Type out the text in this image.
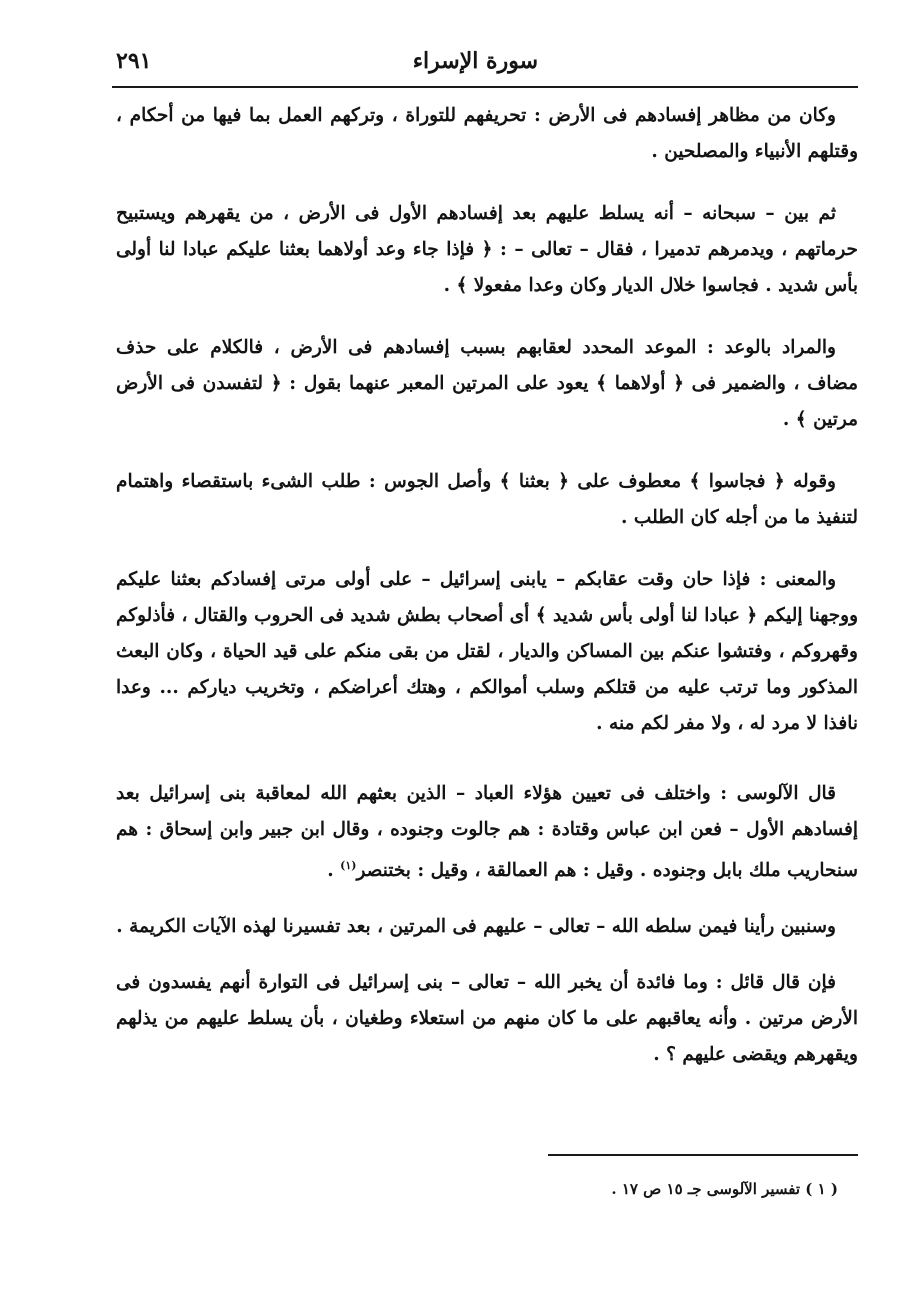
سورة الإسراء
٢٩١

وكان من مظاهر إفسادهم فى الأرض : تحريفهم للتوراة ، وتركهم العمل بما فيها من أحكام ، وقتلهم الأنبياء والمصلحين .

ثم بين – سبحانه – أنه يسلط عليهم بعد إفسادهم الأول فى الأرض ، من يقهرهم ويستبيح حرماتهم ، ويدمرهم تدميرا ، فقال – تعالى – : ﴿ فإذا جاء وعد أولاهما بعثنا عليكم عبادا لنا أولى بأس شديد . فجاسوا خلال الديار وكان وعدا مفعولا ﴾ .

والمراد بالوعد : الموعد المحدد لعقابهم بسبب إفسادهم فى الأرض ، فالكلام على حذف مضاف ، والضمير فى ﴿ أولاهما ﴾ يعود على المرتين المعبر عنهما بقول : ﴿ لتفسدن فى الأرض مرتين ﴾ .

وقوله ﴿ فجاسوا ﴾ معطوف على ﴿ بعثنا ﴾ وأصل الجوس : طلب الشىء باستقصاء واهتمام لتنفيذ ما من أجله كان الطلب .

والمعنى : فإذا حان وقت عقابكم – يابنى إسرائيل – على أولى مرتى إفسادكم بعثنا عليكم ووجهنا إليكم ﴿ عبادا لنا أولى بأس شديد ﴾ أى أصحاب بطش شديد فى الحروب والقتال ، فأذلوكم وقهروكم ، وفتشوا عنكم بين المساكن والديار ، لقتل من بقى منكم على قيد الحياة ، وكان البعث المذكور وما ترتب عليه من قتلكم وسلب أموالكم ، وهتك أعراضكم ، وتخريب دياركم ... وعدا نافذا لا مرد له ، ولا مفر لكم منه .

قال الآلوسى : واختلف فى تعيين هؤلاء العباد – الذين بعثهم الله لمعاقبة بنى إسرائيل بعد إفسادهم الأول – فعن ابن عباس وقتادة : هم جالوت وجنوده ، وقال ابن جبير وابن إسحاق : هم سنحاريب ملك بابل وجنوده . وقيل : هم العمالقة ، وقيل : بختنصر$^{(١)}$ .

وسنبين رأينا فيمن سلطه الله – تعالى – عليهم فى المرتين ، بعد تفسيرنا لهذه الآيات الكريمة .

فإن قال قائل : وما فائدة أن يخبر الله – تعالى – بنى إسرائيل فى التوارة أنهم يفسدون فى الأرض مرتين . وأنه يعاقبهم على ما كان منهم من استعلاء وطغيان ، بأن يسلط عليهم من يذلهم ويقهرهم ويقضى عليهم ؟ .

( ١ ) تفسير الآلوسى جـ ١٥ ص ١٧ .
